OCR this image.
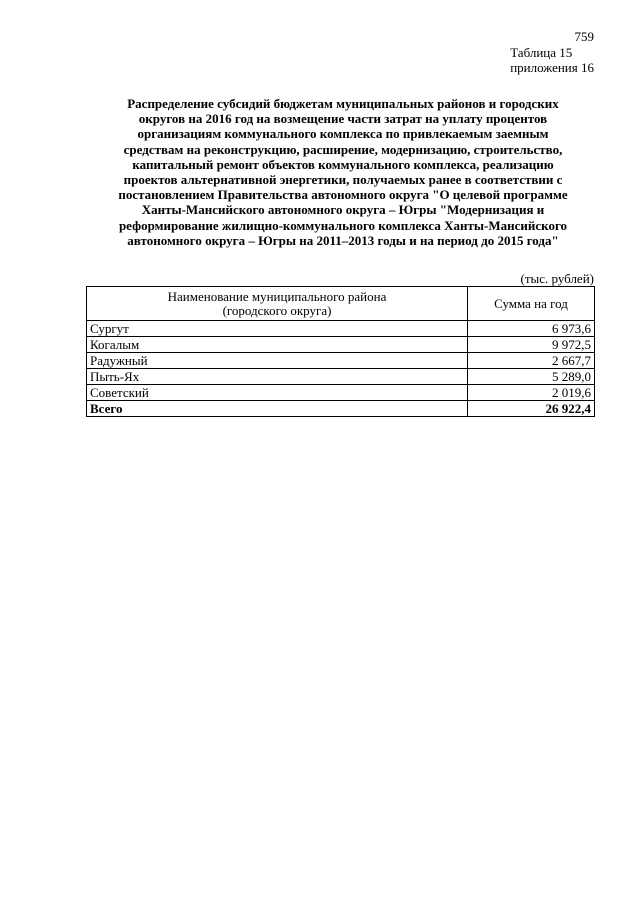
759
Таблица 15
приложения 16
Распределение субсидий бюджетам муниципальных районов и городских
округов на 2016 год на возмещение части затрат на уплату процентов
организациям коммунального комплекса по привлекаемым заемным
средствам на реконструкцию, расширение, модернизацию, строительство,
капитальный ремонт объектов коммунального комплекса, реализацию
проектов альтернативной энергетики, получаемых ранее в соответствии с
постановлением Правительства автономного округа "О целевой программе
Ханты-Мансийского автономного округа – Югры "Модернизация и
реформирование жилищно-коммунального комплекса Ханты-Мансийского
автономного округа – Югры на 2011–2013 годы и на период до 2015 года"
(тыс. рублей)
Наименование муниципального района
(городского округа)	Сумма на год
Сургут	6 973,6
Когалым	9 972,5
Радужный	2 667,7
Пыть-Ях	5 289,0
Советский	2 019,6
Всего	26 922,4
